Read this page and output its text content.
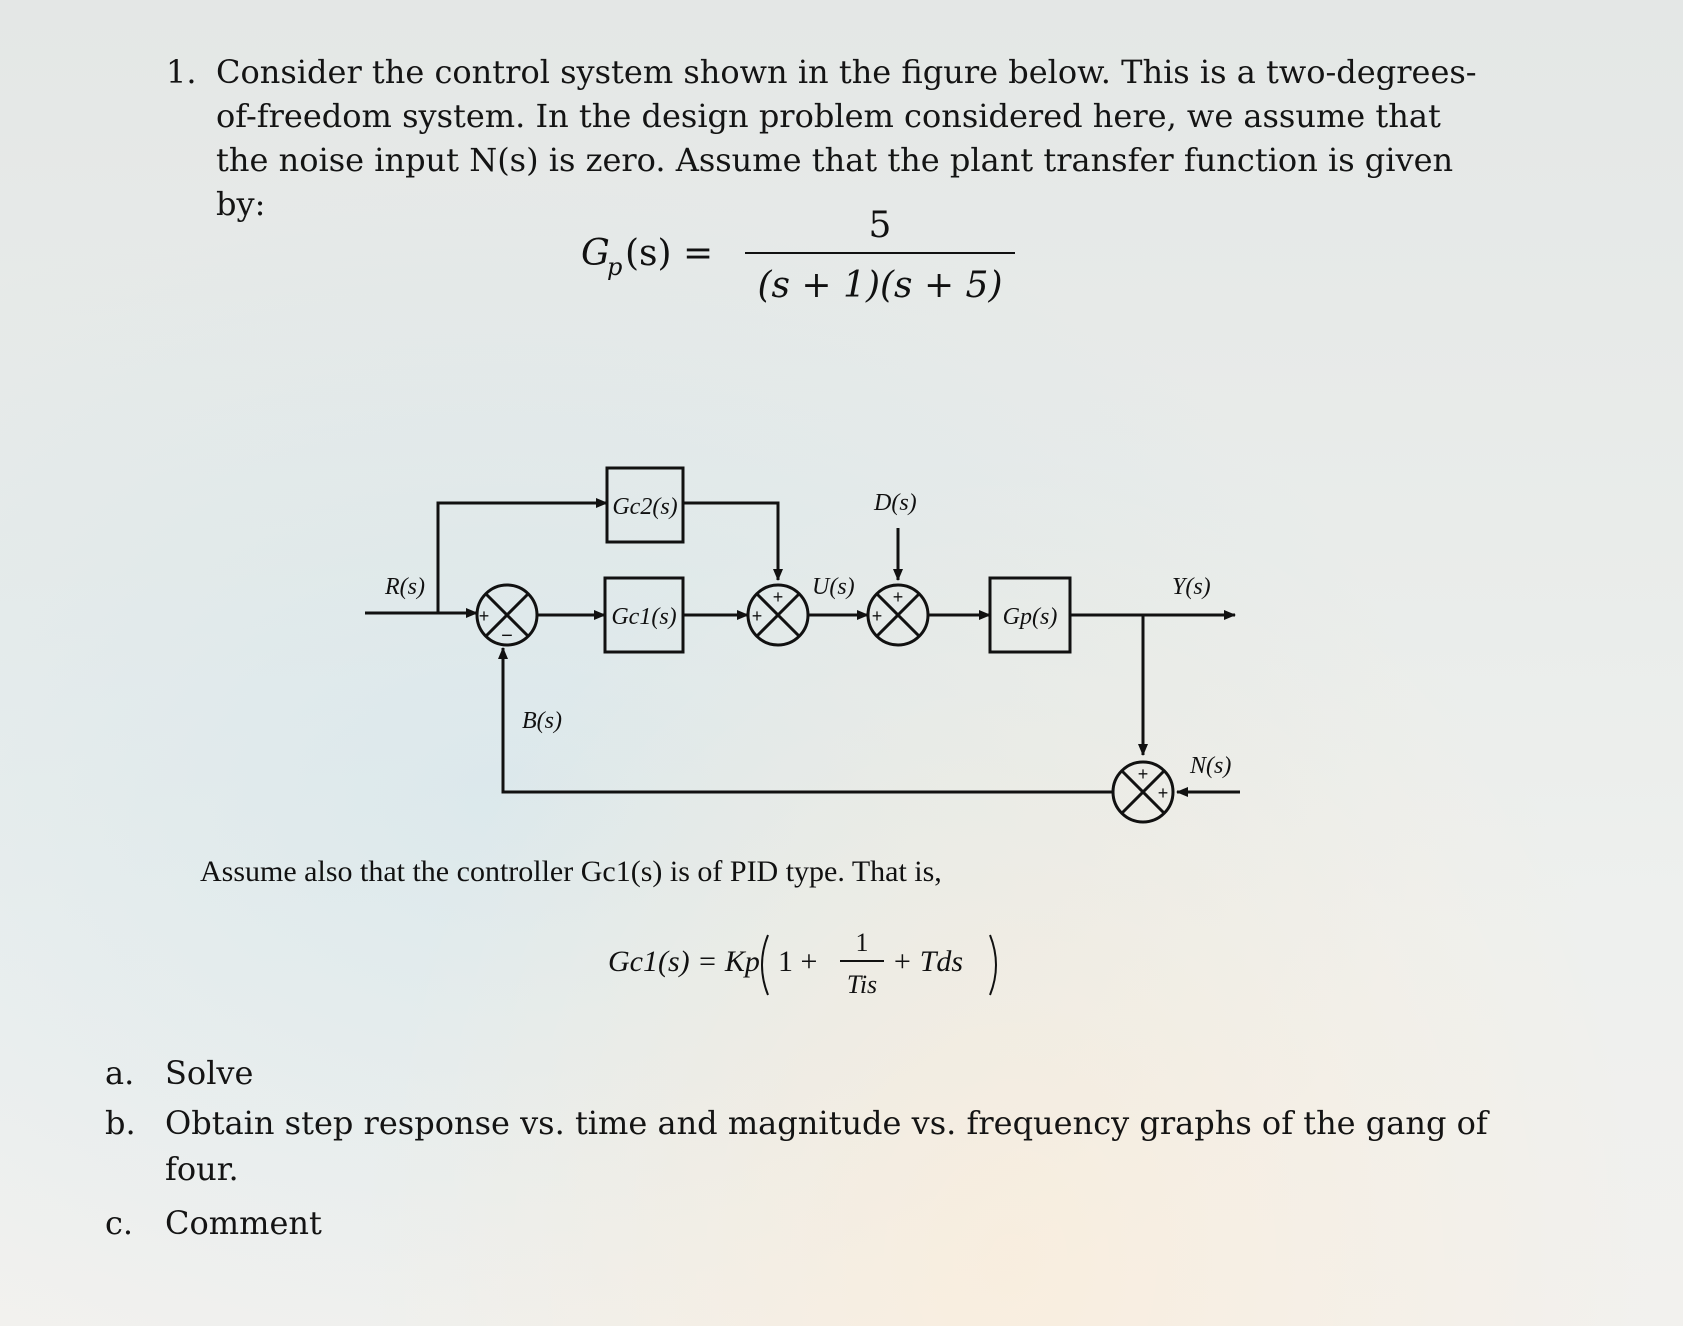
1. Consider the control system shown in the figure below. This is a two-degrees-of-freedom system. In the design problem considered here, we assume that the noise input N(s) is zero. Assume that the plant transfer function is given by:
G
p (s) =
5
(s + 1)(s + 5)
Gc2(s)
Gc1(s)	Gp(s)
+
−
+
+
+
+
+
+
R(s)
B(s)
D(s)
U(s)	Y(s)
N(s)
Assume also that the controller Gc1(s) is of PID type. That is,
Gc1(s) = Kp 1 +
1
Tis
+ Tds
a. Solve
b. Obtain step response vs. time and magnitude vs. frequency graphs of the gang of four.
c. Comment
